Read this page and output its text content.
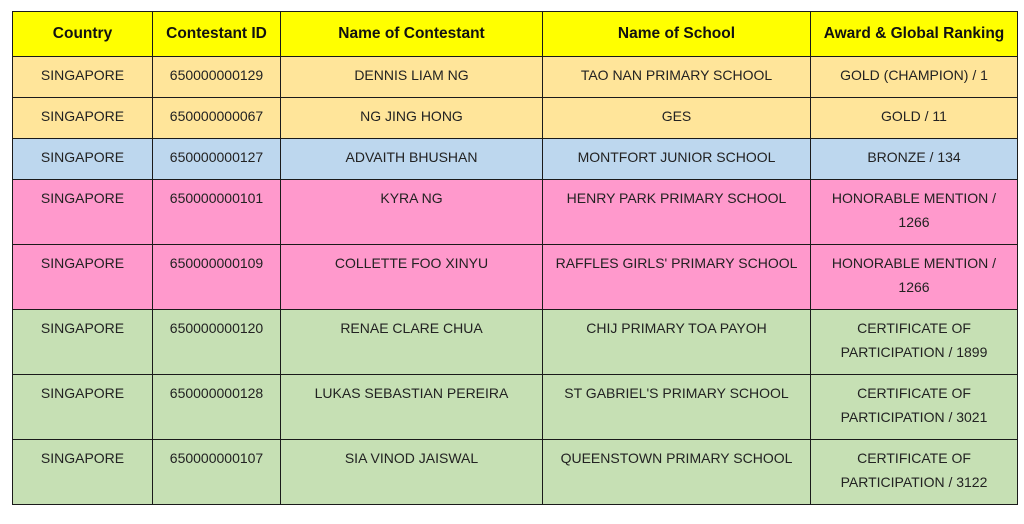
Country	Contestant ID	Name of Contestant	Name of School	Award & Global Ranking
SINGAPORE	650000000129	DENNIS LIAM NG	TAO NAN PRIMARY SCHOOL	GOLD (CHAMPION) / 1
SINGAPORE	650000000067	NG JING HONG	GES	GOLD / 11
SINGAPORE	650000000127	ADVAITH BHUSHAN	MONTFORT JUNIOR SCHOOL	BRONZE / 134
SINGAPORE	650000000101	KYRA NG	HENRY PARK PRIMARY SCHOOL	HONORABLE MENTION / 1266
SINGAPORE	650000000109	COLLETTE FOO XINYU	RAFFLES GIRLS' PRIMARY SCHOOL	HONORABLE MENTION / 1266
SINGAPORE	650000000120	RENAE CLARE CHUA	CHIJ PRIMARY TOA PAYOH	CERTIFICATE OF PARTICIPATION / 1899
SINGAPORE	650000000128	LUKAS SEBASTIAN PEREIRA	ST GABRIEL'S PRIMARY SCHOOL	CERTIFICATE OF PARTICIPATION / 3021
SINGAPORE	650000000107	SIA VINOD JAISWAL	QUEENSTOWN PRIMARY SCHOOL	CERTIFICATE OF PARTICIPATION / 3122
